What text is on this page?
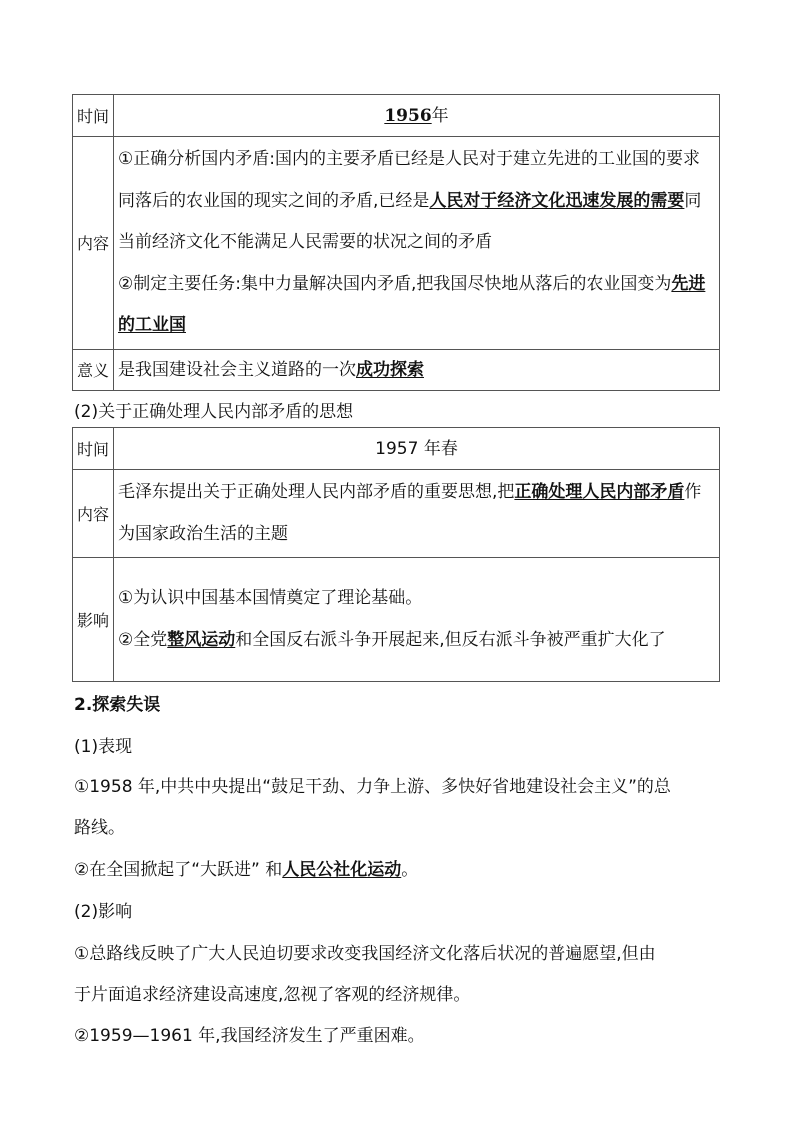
时间	1956年
内容	①正确分析国内矛盾:国内的主要矛盾已经是人民对于建立先进的工业国的要求同落后的农业国的现实之间的矛盾,已经是人民对于经济文化迅速发展的需要同当前经济文化不能满足人民需要的状况之间的矛盾
②制定主要任务:集中力量解决国内矛盾,把我国尽快地从落后的农业国变为先进的工业国

意义	是我国建设社会主义道路的一次成功探索
(2)关于正确处理人民内部矛盾的思想
时间	1957 年春
内容	毛泽东提出关于正确处理人民内部矛盾的重要思想,把正确处理人民内部矛盾作为国家政治生活的主题
影响	①为认识中国基本国情奠定了理论基础。
②全党整风运动和全国反右派斗争开展起来,但反右派斗争被严重扩大化了
2.探索失误
(1)表现
①1958 年,中共中央提出“鼓足干劲、力争上游、多快好省地建设社会主义”的总
路线。
②在全国掀起了“大跃进” 和人民公社化运动。
(2)影响
①总路线反映了广大人民迫切要求改变我国经济文化落后状况的普遍愿望,但由
于片面追求经济建设高速度,忽视了客观的经济规律。
②1959—1961 年,我国经济发生了严重困难。
